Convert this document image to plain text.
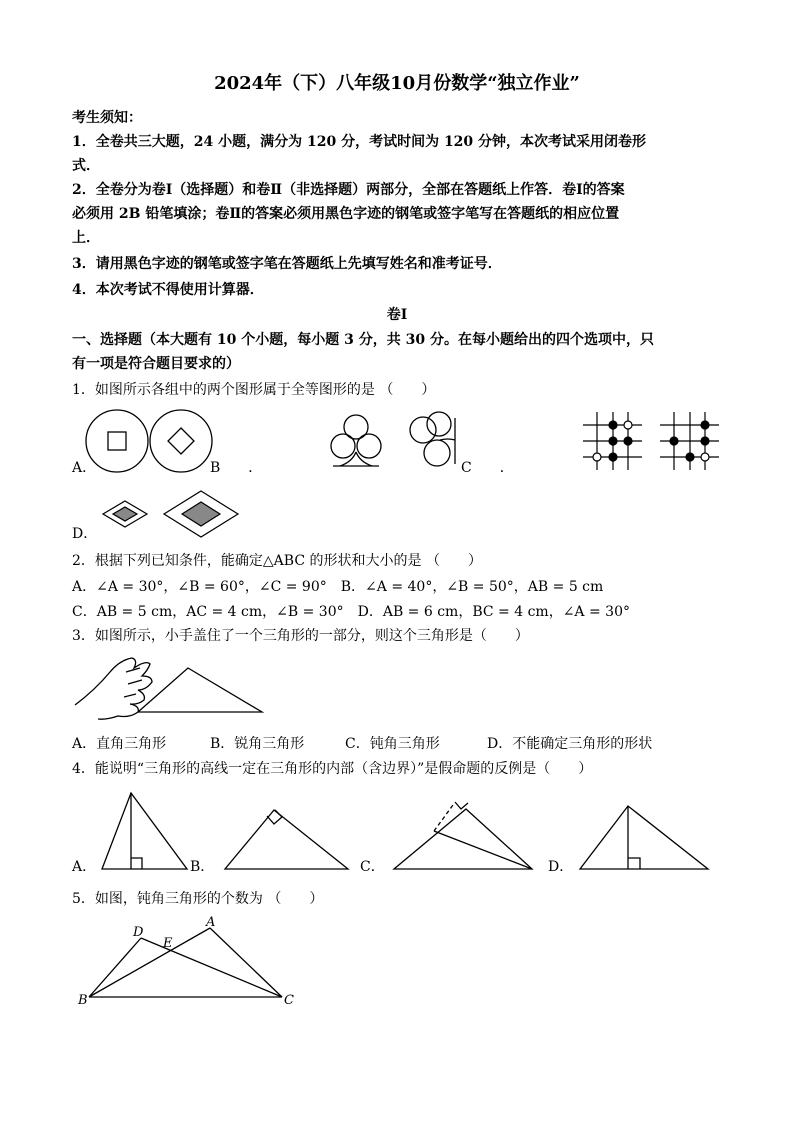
2024年（下）八年级10月份数学“独立作业”
考生须知：
1．全卷共三大题，24 小题，满分为 120 分，考试时间为 120 分钟，本次考试采用闭卷形
式．
2．全卷分为卷Ⅰ（选择题）和卷Ⅱ（非选择题）两部分，全部在答题纸上作答．卷Ⅰ的答案
必须用 2B 铅笔填涂；卷Ⅱ的答案必须用黑色字迹的钢笔或签字笔写在答题纸的相应位置
上．
3．请用黑色字迹的钢笔或签字笔在答题纸上先填写姓名和准考证号．
4．本次考试不得使用计算器．
卷Ⅰ
一、选择题（本大题有 10 个小题，每小题 3 分，共 30 分。在每小题给出的四个选项中，只
有一项是符合题目要求的）
1．如图所示各组中的两个图形属于全等图形的是 （　　）
A．	B　　．	C　　．
D．
2．根据下列已知条件，能确定△ABC 的形状和大小的是 （　　）
A．∠A = 30°，∠B = 60°，∠C = 90°　B．∠A = 40°，∠B = 50°，AB = 5 cm
C．AB = 5 cm，AC = 4 cm，∠B = 30°　D．AB = 6 cm，BC = 4 cm，∠A = 30°
3．如图所示，小手盖住了一个三角形的一部分，则这个三角形是（　　）
A．直角三角形	B．锐角三角形	C．钝角三角形	D．不能确定三角形的形状
4．能说明“三角形的高线一定在三角形的内部（含边界）”是假命题的反例是（　　）
A．	B．	C．	D．
5．如图，钝角三角形的个数为 （　　）
D
E
A
B	C
